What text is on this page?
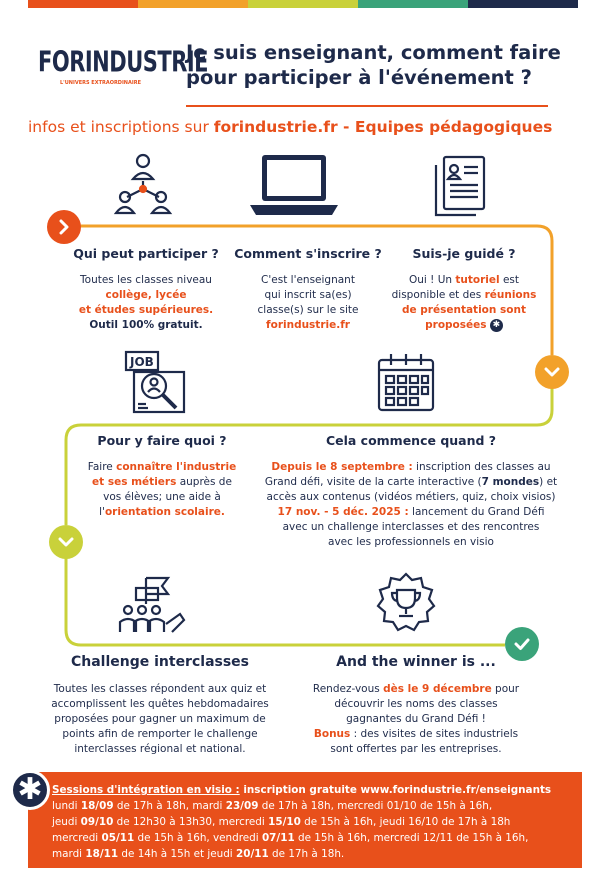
FORINDUSTRIE
L'UNIVERS EXTRAORDINAIRE
Je suis enseignant, comment faire
pour participer à l'événement ?
infos et inscriptions sur forindustrie.fr - Equipes pédagogiques
Qui peut participer ?

Toutes les classes niveau
collège, lycée
et études supérieures.
Outil 100% gratuit.

Comment s'inscrire ?

C'est l'enseignant
qui inscrit sa(es)
classe(s) sur le site
forindustrie.fr

Suis-je guidé ?

Oui ! Un tutoriel est
disponible et des réunions
de présentation sont
proposées ✱

JOB
Pour y faire quoi ?

Faire connaître l'industrie
et ses métiers auprès de
vos élèves; une aide à
l'orientation scolaire.

Cela commence quand ?

Depuis le 8 septembre : inscription des classes au
Grand défi, visite de la carte interactive (7 mondes) et
accès aux contenus (vidéos métiers, quiz, choix visios)
17 nov. - 5 déc. 2025 : lancement du Grand Défi
avec un challenge interclasses et des rencontres
avec les professionnels en visio

Challenge interclasses

Toutes les classes répondent aux quiz et
accomplissent les quêtes hebdomadaires
proposées pour gagner un maximum de
points afin de remporter le challenge
interclasses régional et national.

And the winner is ...

Rendez-vous dès le 9 décembre pour
découvrir les noms des classes
gagnantes du Grand Défi !
Bonus : des visites de sites industriels
sont offertes par les entreprises.

Sessions d'intégration en visio : inscription gratuite www.forindustrie.fr/enseignants
lundi 18/09 de 17h à 18h, mardi 23/09 de 17h à 18h, mercredi 01/10 de 15h à 16h,
jeudi 09/10 de 12h30 à 13h30, mercredi 15/10 de 15h à 16h, jeudi 16/10 de 17h à 18h
mercredi 05/11 de 15h à 16h, vendredi 07/11 de 15h à 16h, mercredi 12/11 de 15h à 16h,
mardi 18/11 de 14h à 15h et jeudi 20/11 de 17h à 18h.
✱
